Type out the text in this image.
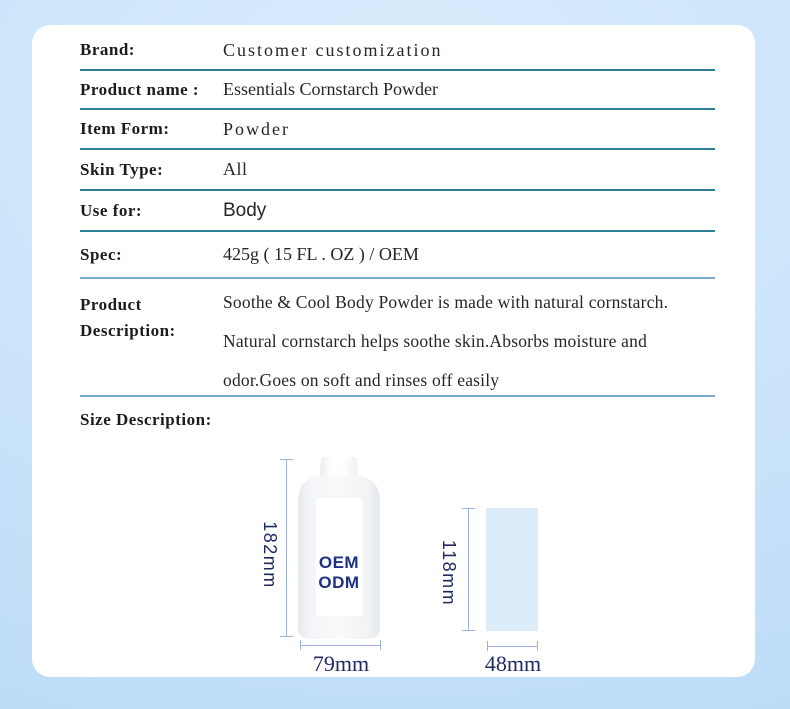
Brand:	Customer customization
Product name :	Essentials Cornstarch Powder
Item Form:	Powder
Skin Type:	All
Use for:	Body
Spec:	425g ( 15 FL . OZ ) / OEM
Product Description:
Soothe & Cool Body Powder is made with natural cornstarch.
Natural cornstarch helps soothe skin.Absorbs moisture and
odor.Goes on soft and rinses off easily
Size Description:
182mm OEM
ODM
79mm
118mm
48mm
